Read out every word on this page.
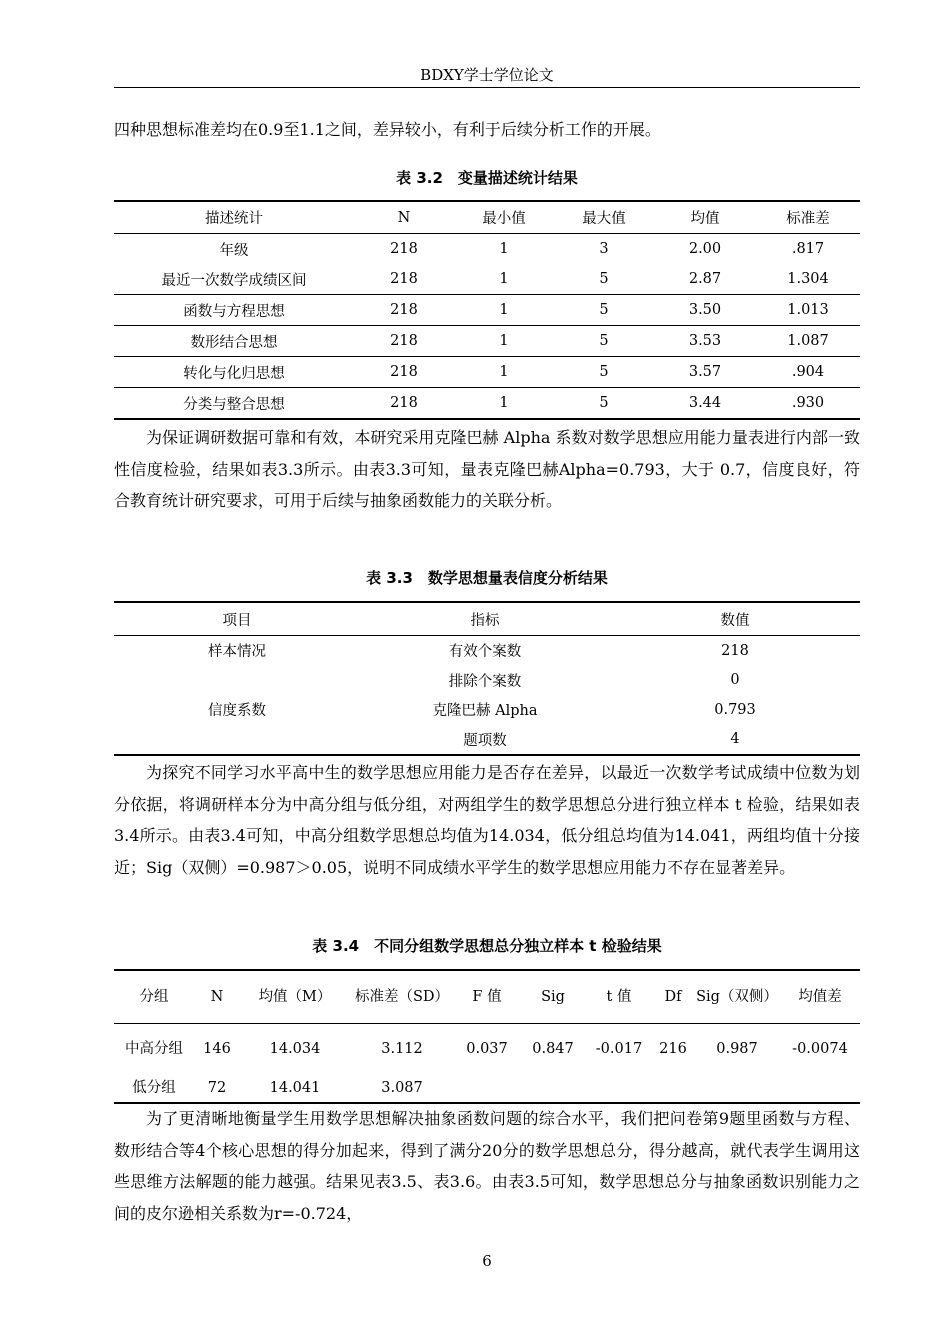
BDXY学士学位论文

四种思想标准差均在0.9至1.1之间，差异较小，有利于后续分析工作的开展。

表 3.2　变量描述统计结果
描述统计	N	最小值	最大值	均值	标准差
年级	218	1	3	2.00	.817
最近一次数学成绩区间	218	1	5	2.87	1.304
函数与方程思想	218	1	5	3.50	1.013
数形结合思想	218	1	5	3.53	1.087
转化与化归思想	218	1	5	3.57	.904
分类与整合思想	218	1	5	3.44	.930

为保证调研数据可靠和有效，本研究采用克隆巴赫 Alpha 系数对数学思想应用能力量表进行内部一致性信度检验，结果如表3.3所示。由表3.3可知，量表克隆巴赫Alpha=0.793，大于 0.7，信度良好，符合教育统计研究要求，可用于后续与抽象函数能力的关联分析。

表 3.3　数学思想量表信度分析结果
项目	指标	数值
样本情况	有效个案数	218
	排除个案数	0
信度系数	克隆巴赫 Alpha	0.793
	题项数	4

为探究不同学习水平高中生的数学思想应用能力是否存在差异，以最近一次数学考试成绩中位数为划分依据，将调研样本分为中高分组与低分组，对两组学生的数学思想总分进行独立样本 t 检验，结果如表3.4所示。由表3.4可知，中高分组数学思想总均值为14.034，低分组总均值为14.041，两组均值十分接近；Sig（双侧）=0.987＞0.05，说明不同成绩水平学生的数学思想应用能力不存在显著差异。

表 3.4　不同分组数学思想总分独立样本 t 检验结果
分组	N	均值（M）	标准差（SD）	F 值	Sig	t 值	Df	Sig（双侧）	均值差
中高分组	146	14.034	3.112	0.037	0.847	-0.017	216	0.987	-0.0074
低分组	72	14.041	3.087						

为了更清晰地衡量学生用数学思想解决抽象函数问题的综合水平，我们把问卷第9题里函数与方程、数形结合等4个核心思想的得分加起来，得到了满分20分的数学思想总分，得分越高，就代表学生调用这些思维方法解题的能力越强。结果见表3.5、表3.6。由表3.5可知，数学思想总分与抽象函数识别能力之间的皮尔逊相关系数为r=-0.724，

6
